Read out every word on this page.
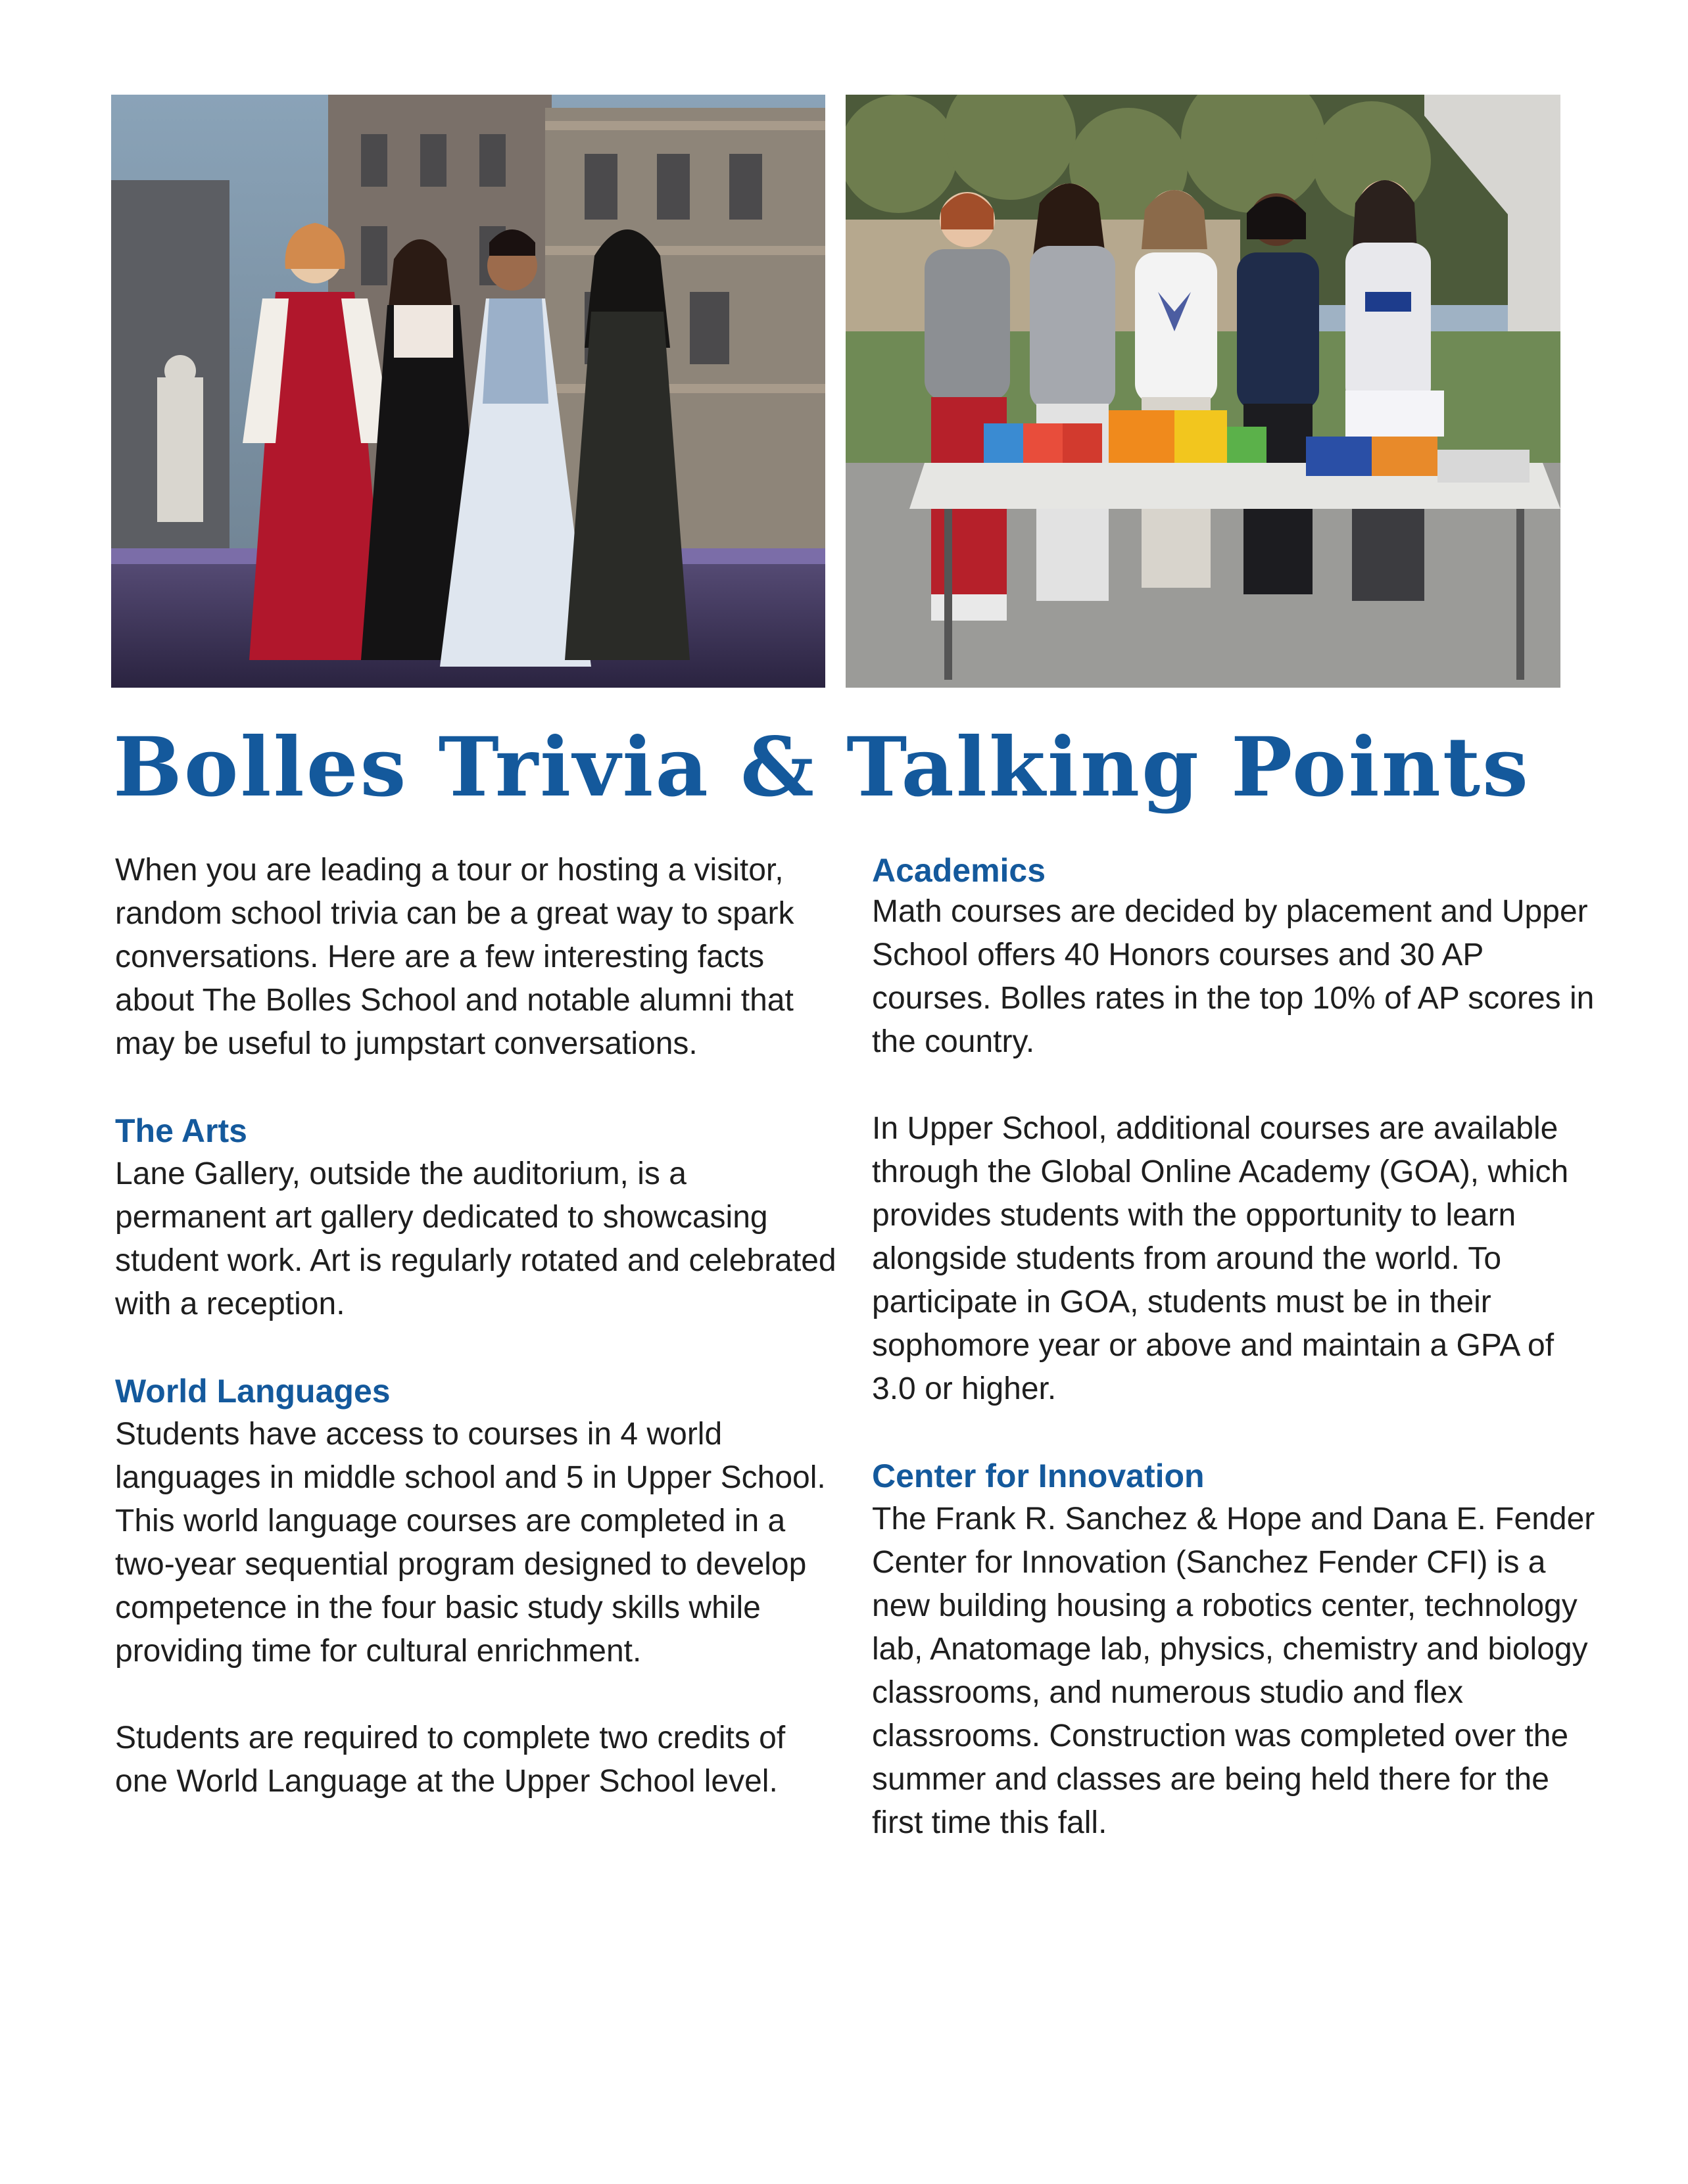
Bolles Trivia & Talking Points

When you are leading a tour or hosting a visitor, random school trivia can be a great way to spark conversations. Here are a few interesting facts about The Bolles School and notable alumni that may be useful to jumpstart conversations.

The Arts

Lane Gallery, outside the auditorium, is a permanent art gallery dedicated to showcasing student work. Art is regularly rotated and celebrated with a reception.

World Languages

Students have access to courses in 4 world languages in middle school and 5 in Upper School. This world language courses are completed in a two-year sequential program designed to develop competence in the four basic study skills while providing time for cultural enrichment.

Students are required to complete two credits of one World Language at the Upper School level.

Academics

Math courses are decided by placement and Upper School offers 40 Honors courses and 30 AP courses. Bolles rates in the top 10% of AP scores in the country.

In Upper School, additional courses are available through the Global Online Academy (GOA), which provides students with the opportunity to learn alongside students from around the world. To participate in GOA, students must be in their sophomore year or above and maintain a GPA of 3.0 or higher.

Center for Innovation

The Frank R. Sanchez & Hope and Dana E. Fender Center for Innovation (Sanchez Fender CFI) is a new building housing a robotics center, technology lab, Anatomage lab, physics, chemistry and biology classrooms, and numerous studio and flex classrooms. Construction was completed over the summer and classes are being held there for the first time this fall.
